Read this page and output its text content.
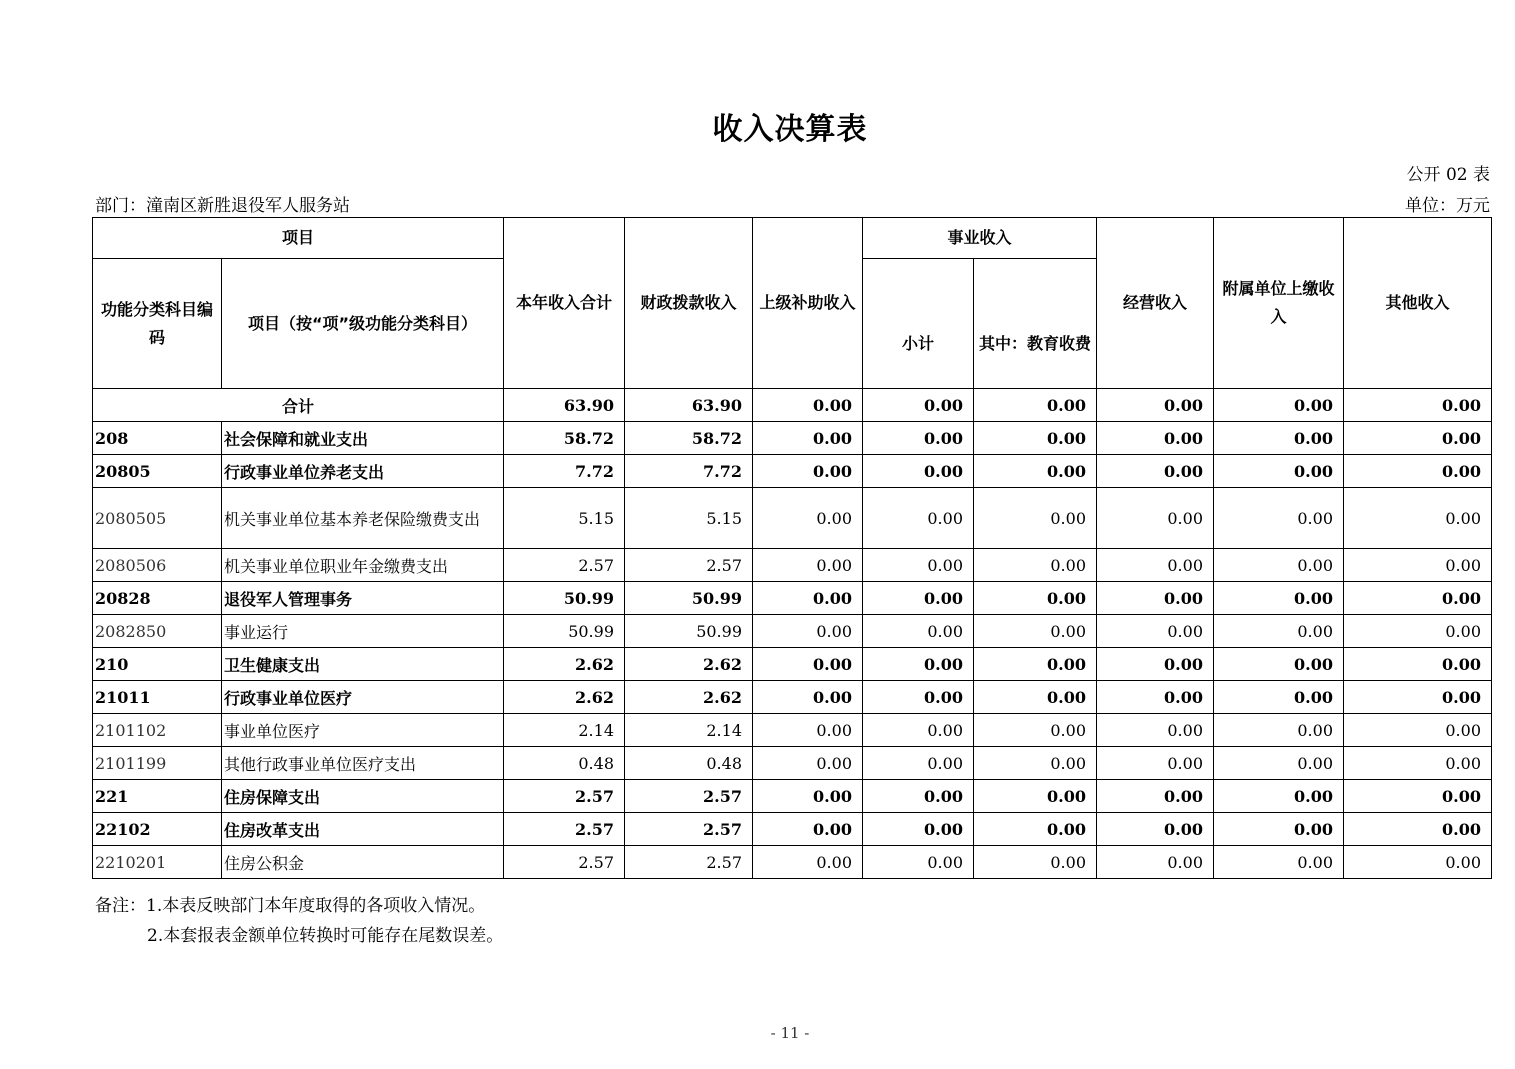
收入决算表
公开 02 表
部门：潼南区新胜退役军人服务站	单位：万元
项目		本年收入合计	财政拨款收入	上级补助收入	事业收入		经营收入	附属单位上缴收入	其他收入
功能分类科目编码	项目（按“项”级功能分类科目）				小计	其中：教育收费			
合计		63.90	63.90	0.00	0.00	0.00	0.00	0.00	0.00
208	社会保障和就业支出	58.72	58.72	0.00	0.00	0.00	0.00	0.00	0.00
20805	行政事业单位养老支出	7.72	7.72	0.00	0.00	0.00	0.00	0.00	0.00
2080505	机关事业单位基本养老保险缴费支出	5.15	5.15	0.00	0.00	0.00	0.00	0.00	0.00
2080506	机关事业单位职业年金缴费支出	2.57	2.57	0.00	0.00	0.00	0.00	0.00	0.00
20828	退役军人管理事务	50.99	50.99	0.00	0.00	0.00	0.00	0.00	0.00
2082850	事业运行	50.99	50.99	0.00	0.00	0.00	0.00	0.00	0.00
210	卫生健康支出	2.62	2.62	0.00	0.00	0.00	0.00	0.00	0.00
21011	行政事业单位医疗	2.62	2.62	0.00	0.00	0.00	0.00	0.00	0.00
2101102	事业单位医疗	2.14	2.14	0.00	0.00	0.00	0.00	0.00	0.00
2101199	其他行政事业单位医疗支出	0.48	0.48	0.00	0.00	0.00	0.00	0.00	0.00
221	住房保障支出	2.57	2.57	0.00	0.00	0.00	0.00	0.00	0.00
22102	住房改革支出	2.57	2.57	0.00	0.00	0.00	0.00	0.00	0.00
2210201	住房公积金	2.57	2.57	0.00	0.00	0.00	0.00	0.00	0.00
备注：1.本表反映部门本年度取得的各项收入情况。
2.本套报表金额单位转换时可能存在尾数误差。
- 11 -
